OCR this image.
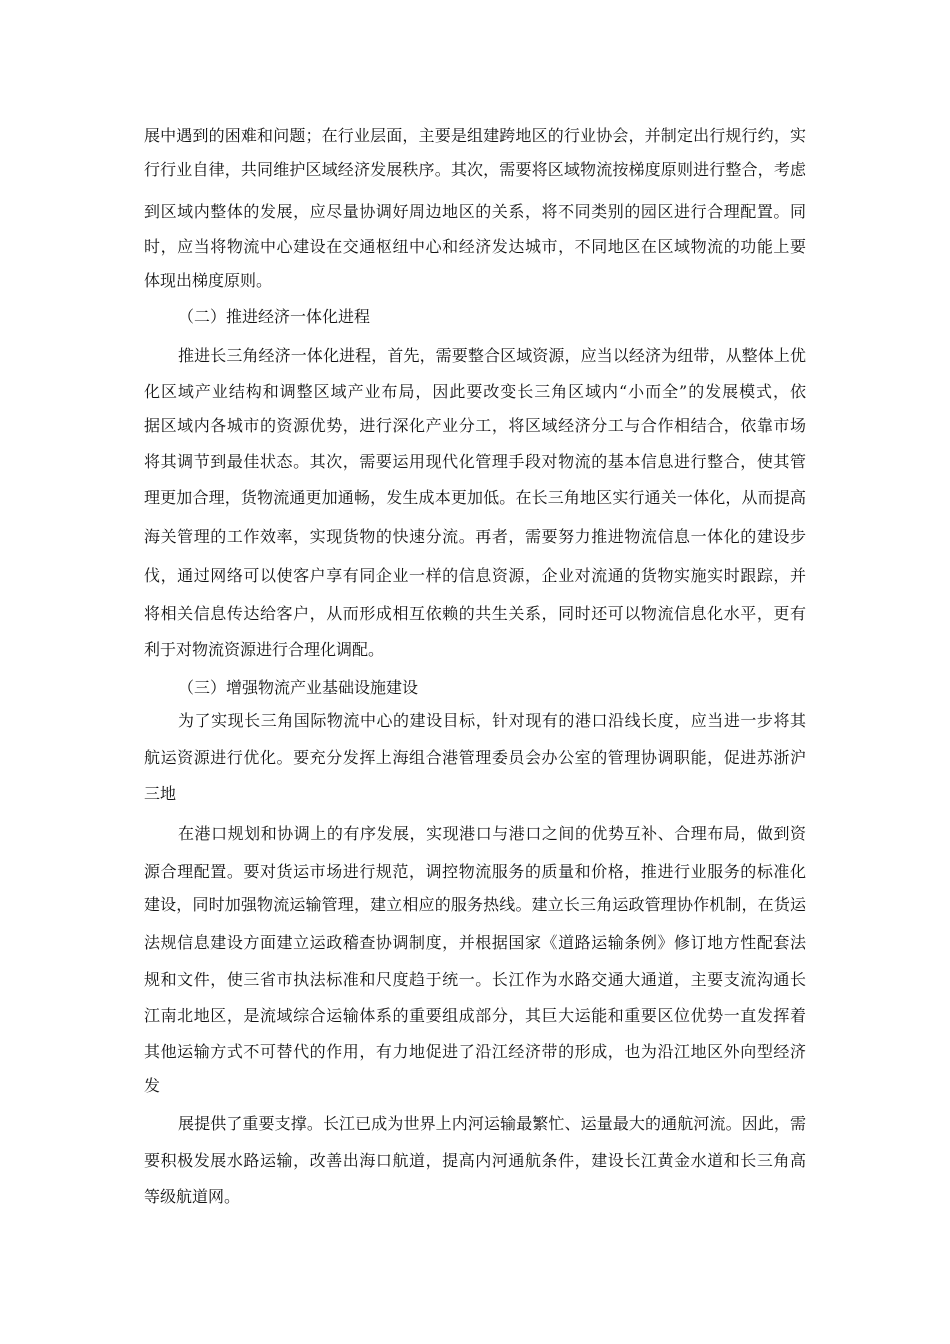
展中遇到的困难和问题；在行业层面，主要是组建跨地区的行业协会，并制定出行规行约，实

行行业自律，共同维护区域经济发展秩序。其次，需要将区域物流按梯度原则进行整合，考虑

到区域内整体的发展，应尽量协调好周边地区的关系，将不同类别的园区进行合理配置。同

时，应当将物流中心建设在交通枢纽中心和经济发达城市，不同地区在区域物流的功能上要

体现出梯度原则。

（二）推进经济一体化进程

推进长三角经济一体化进程，首先，需要整合区域资源，应当以经济为纽带，从整体上优

化区域产业结构和调整区域产业布局，因此要改变长三角区域内“小而全”的发展模式，依

据区域内各城市的资源优势，进行深化产业分工，将区域经济分工与合作相结合，依靠市场

将其调节到最佳状态。其次，需要运用现代化管理手段对物流的基本信息进行整合，使其管

理更加合理，货物流通更加通畅，发生成本更加低。在长三角地区实行通关一体化，从而提高

海关管理的工作效率，实现货物的快速分流。再者，需要努力推进物流信息一体化的建设步

伐，通过网络可以使客户享有同企业一样的信息资源，企业对流通的货物实施实时跟踪，并

将相关信息传达给客户，从而形成相互依赖的共生关系，同时还可以物流信息化水平，更有

利于对物流资源进行合理化调配。

（三）增强物流产业基础设施建设

为了实现长三角国际物流中心的建设目标，针对现有的港口沿线长度，应当进一步将其

航运资源进行优化。要充分发挥上海组合港管理委员会办公室的管理协调职能，促进苏浙沪

三地

在港口规划和协调上的有序发展，实现港口与港口之间的优势互补、合理布局，做到资

源合理配置。要对货运市场进行规范，调控物流服务的质量和价格，推进行业服务的标准化

建设，同时加强物流运输管理，建立相应的服务热线。建立长三角运政管理协作机制，在货运

法规信息建设方面建立运政稽查协调制度，并根据国家《道路运输条例》修订地方性配套法

规和文件，使三省市执法标准和尺度趋于统一。长江作为水路交通大通道，主要支流沟通长

江南北地区，是流域综合运输体系的重要组成部分，其巨大运能和重要区位优势一直发挥着

其他运输方式不可替代的作用，有力地促进了沿江经济带的形成，也为沿江地区外向型经济

发

展提供了重要支撑。长江已成为世界上内河运输最繁忙、运量最大的通航河流。因此，需

要积极发展水路运输，改善出海口航道，提高内河通航条件，建设长江黄金水道和长三角高

等级航道网。
